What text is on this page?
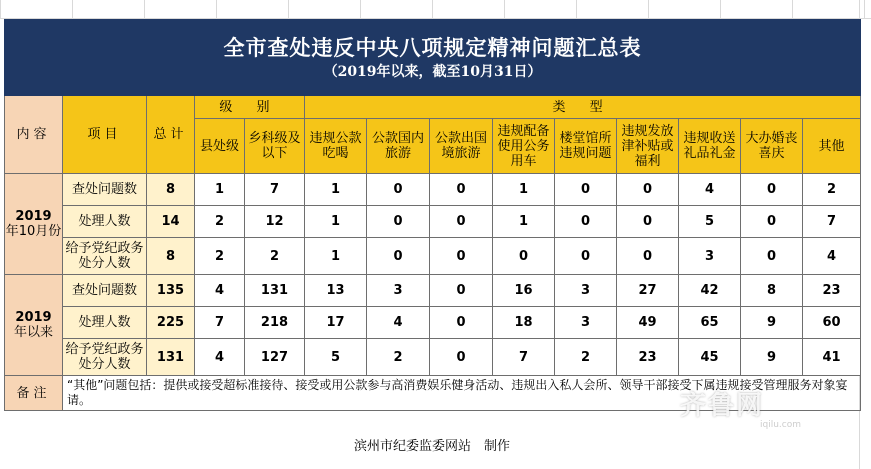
全市查处违反中央八项规定精神问题汇总表
（2019年以来，截至10月31日）													

内容	项目	总计	级 别		类 型								
			县处级	乡科级及以下	违规公款吃喝	公款国内旅游	公款出国境旅游	违规配备使用公务用车	楼堂馆所违规问题	违规发放津补贴或福利	违规收送礼品礼金	大办婚丧喜庆	其他

2019
年10月份	查处问题数	8	1	7	1	0	0	1	0	0	4	0	2
	处理人数	14	2	12	1	0	0	1	0	0	5	0	7
	给予党纪政务处分人数	8	2	2	1	0	0	0	0	0	3	0	4

2019
年以来	查处问题数	135	4	131	13	3	0	16	3	27	42	8	23
	处理人数	225	7	218	17	4	0	18	3	49	65	9	60
	给予党纪政务处分人数	131	4	127	5	2	0	7	2	23	45	9	41
备注	“其他”问题包括：提供或接受超标准接待、接受或用公款参与高消费娱乐健身活动、违规出入私人会所、领导干部接受下属违规接受管理服务对象宴请。												
滨州市纪委监委网站　制作
齐鲁网
iqilu.com
